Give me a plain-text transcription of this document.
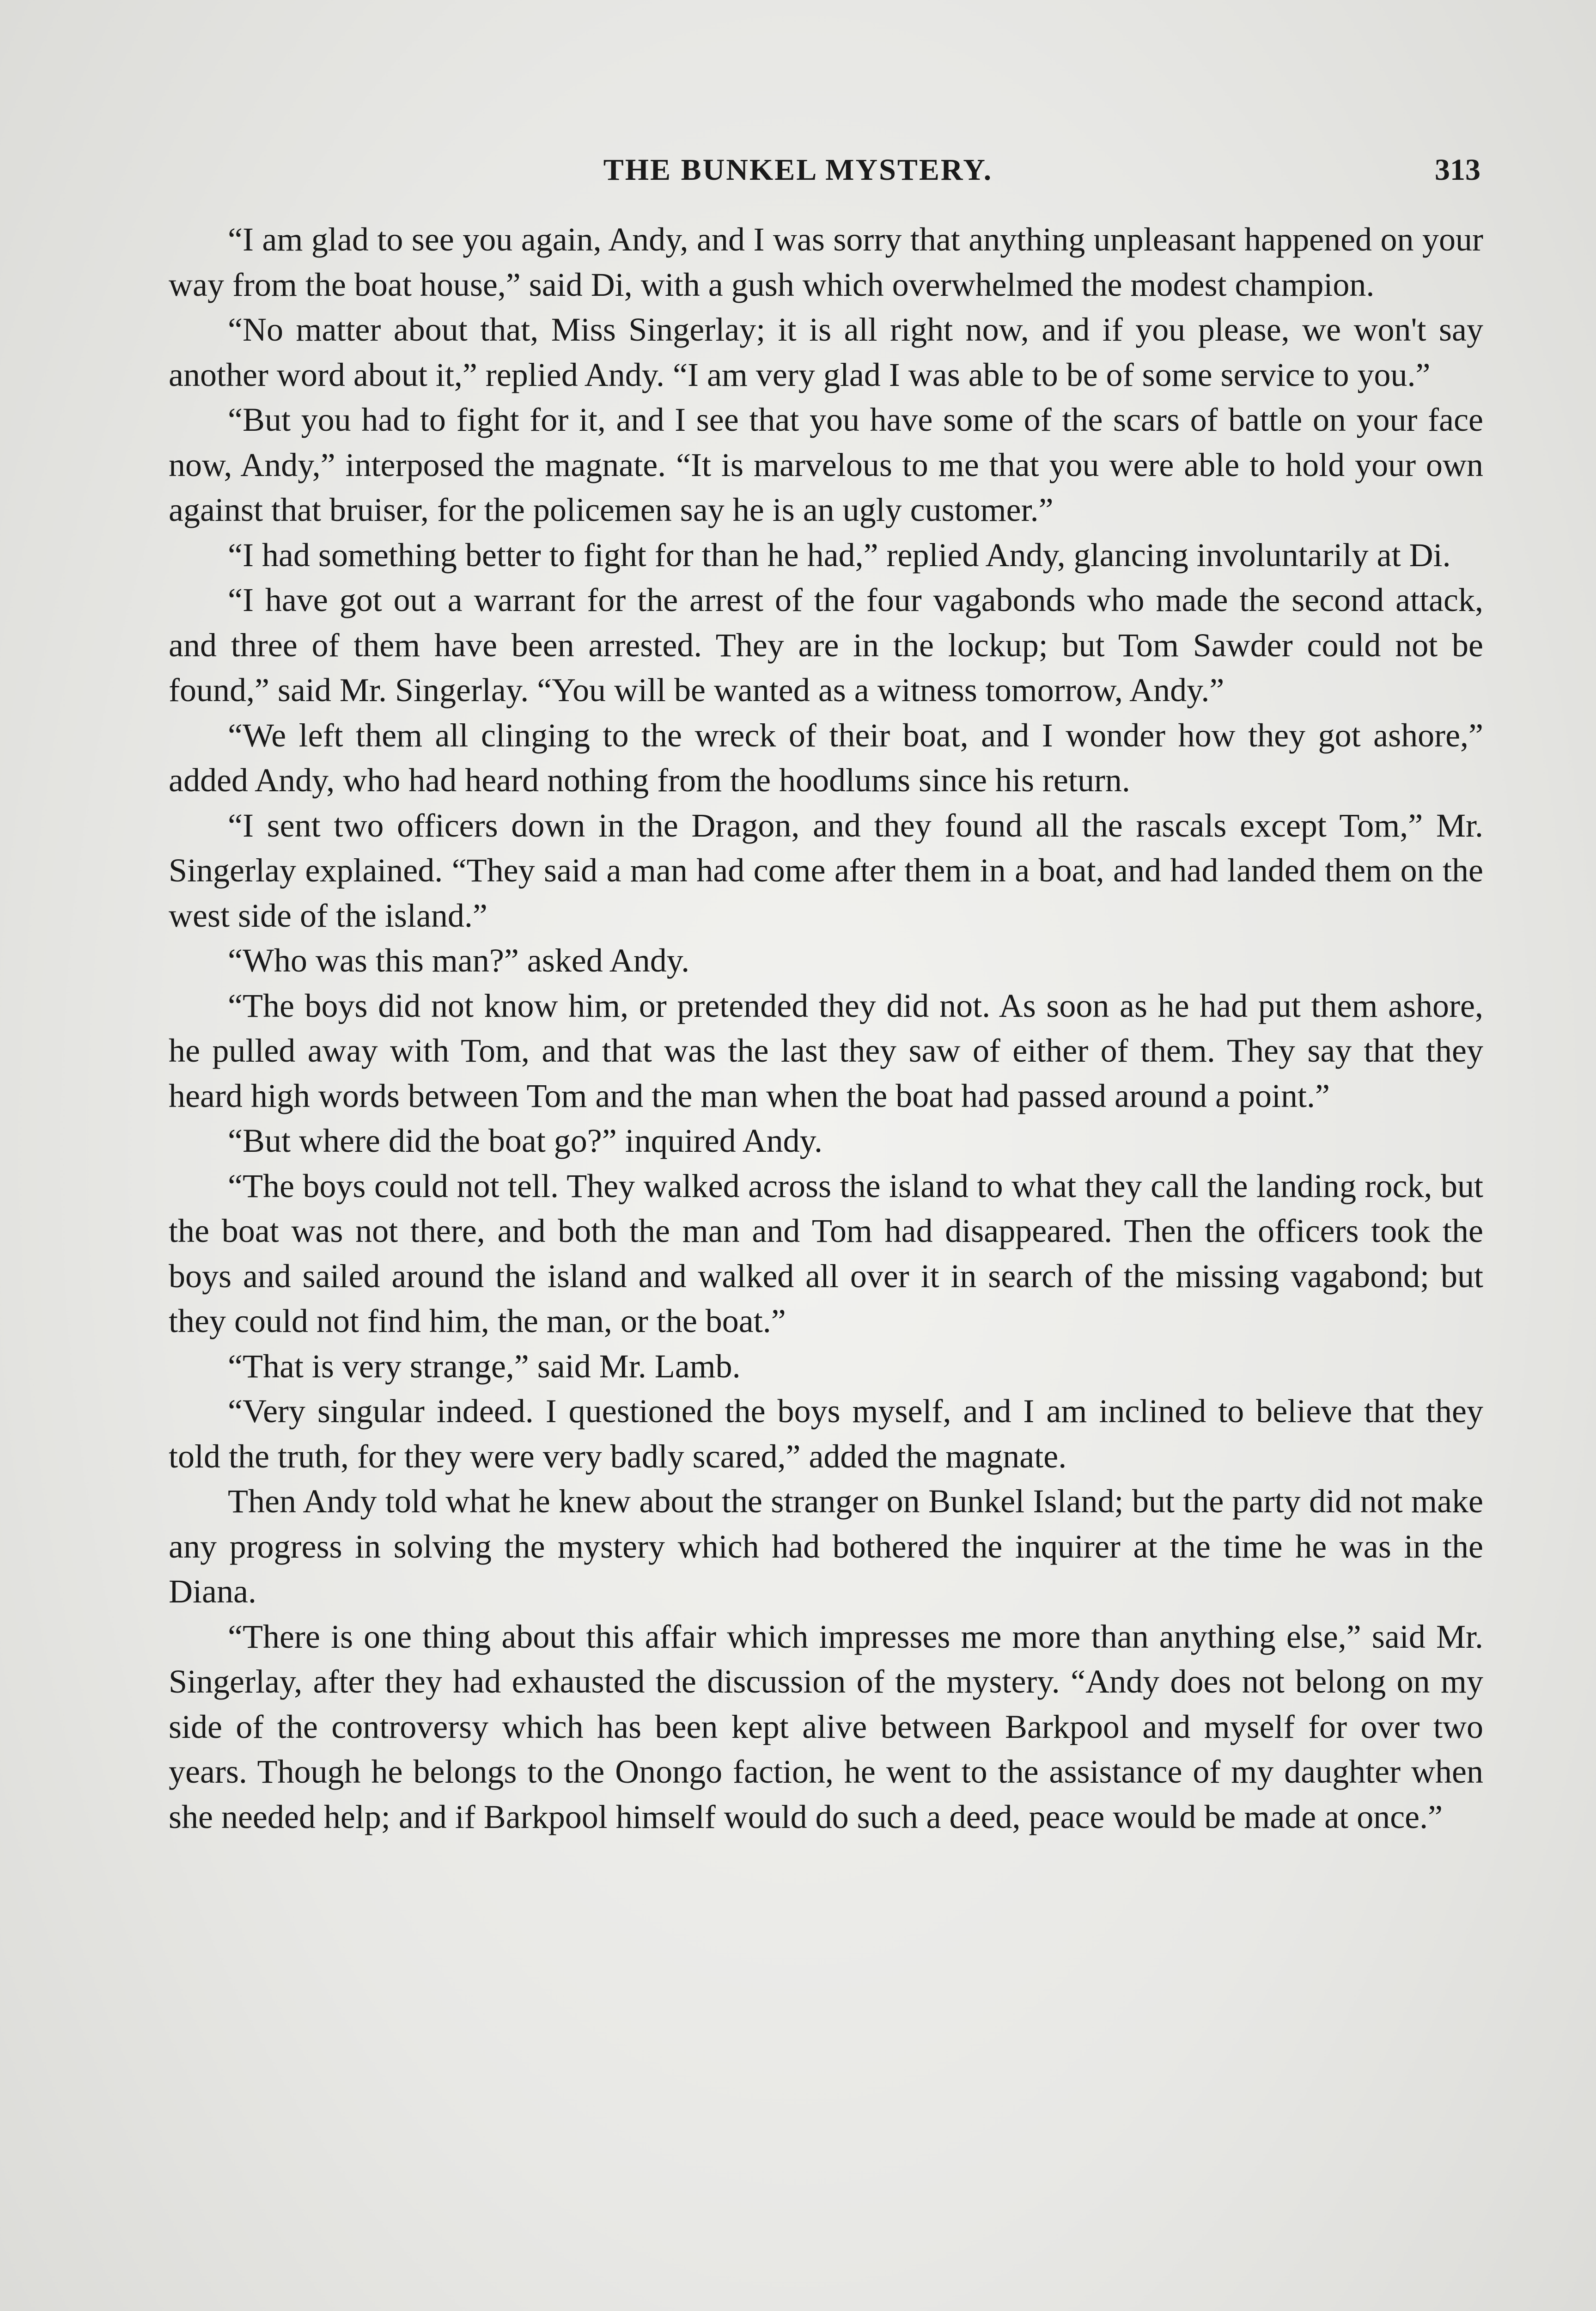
THE BUNKEL MYSTERY.	313

“I am glad to see you again, Andy, and I was sorry that anything unpleasant happened on your way from the boat house,” said Di, with a gush which overwhelmed the modest champion.

“No matter about that, Miss Singerlay; it is all right now, and if you please, we won't say another word about it,” replied Andy. “I am very glad I was able to be of some service to you.”

“But you had to fight for it, and I see that you have some of the scars of battle on your face now, Andy,” interposed the magnate. “It is marvelous to me that you were able to hold your own against that bruiser, for the policemen say he is an ugly customer.”

“I had something better to fight for than he had,” replied Andy, glancing involuntarily at Di.

“I have got out a warrant for the arrest of the four vagabonds who made the second attack, and three of them have been arrested. They are in the lockup; but Tom Sawder could not be found,” said Mr. Singerlay. “You will be wanted as a witness tomorrow, Andy.”

“We left them all clinging to the wreck of their boat, and I wonder how they got ashore,” added Andy, who had heard nothing from the hoodlums since his return.

“I sent two officers down in the Dragon, and they found all the rascals except Tom,” Mr. Singerlay explained. “They said a man had come after them in a boat, and had landed them on the west side of the island.”

“Who was this man?” asked Andy.

“The boys did not know him, or pretended they did not. As soon as he had put them ashore, he pulled away with Tom, and that was the last they saw of either of them. They say that they heard high words between Tom and the man when the boat had passed around a point.”

“But where did the boat go?” inquired Andy.

“The boys could not tell. They walked across the island to what they call the landing rock, but the boat was not there, and both the man and Tom had disappeared. Then the officers took the boys and sailed around the island and walked all over it in search of the missing vagabond; but they could not find him, the man, or the boat.”

“That is very strange,” said Mr. Lamb.

“Very singular indeed. I questioned the boys myself, and I am inclined to believe that they told the truth, for they were very badly scared,” added the magnate.

Then Andy told what he knew about the stranger on Bunkel Island; but the party did not make any progress in solving the mystery which had bothered the inquirer at the time he was in the Diana.

“There is one thing about this affair which impresses me more than anything else,” said Mr. Singerlay, after they had exhausted the discussion of the mystery. “Andy does not belong on my side of the controversy which has been kept alive between Barkpool and myself for over two years. Though he belongs to the Onongo faction, he went to the assistance of my daughter when she needed help; and if Barkpool himself would do such a deed, peace would be made at once.”
